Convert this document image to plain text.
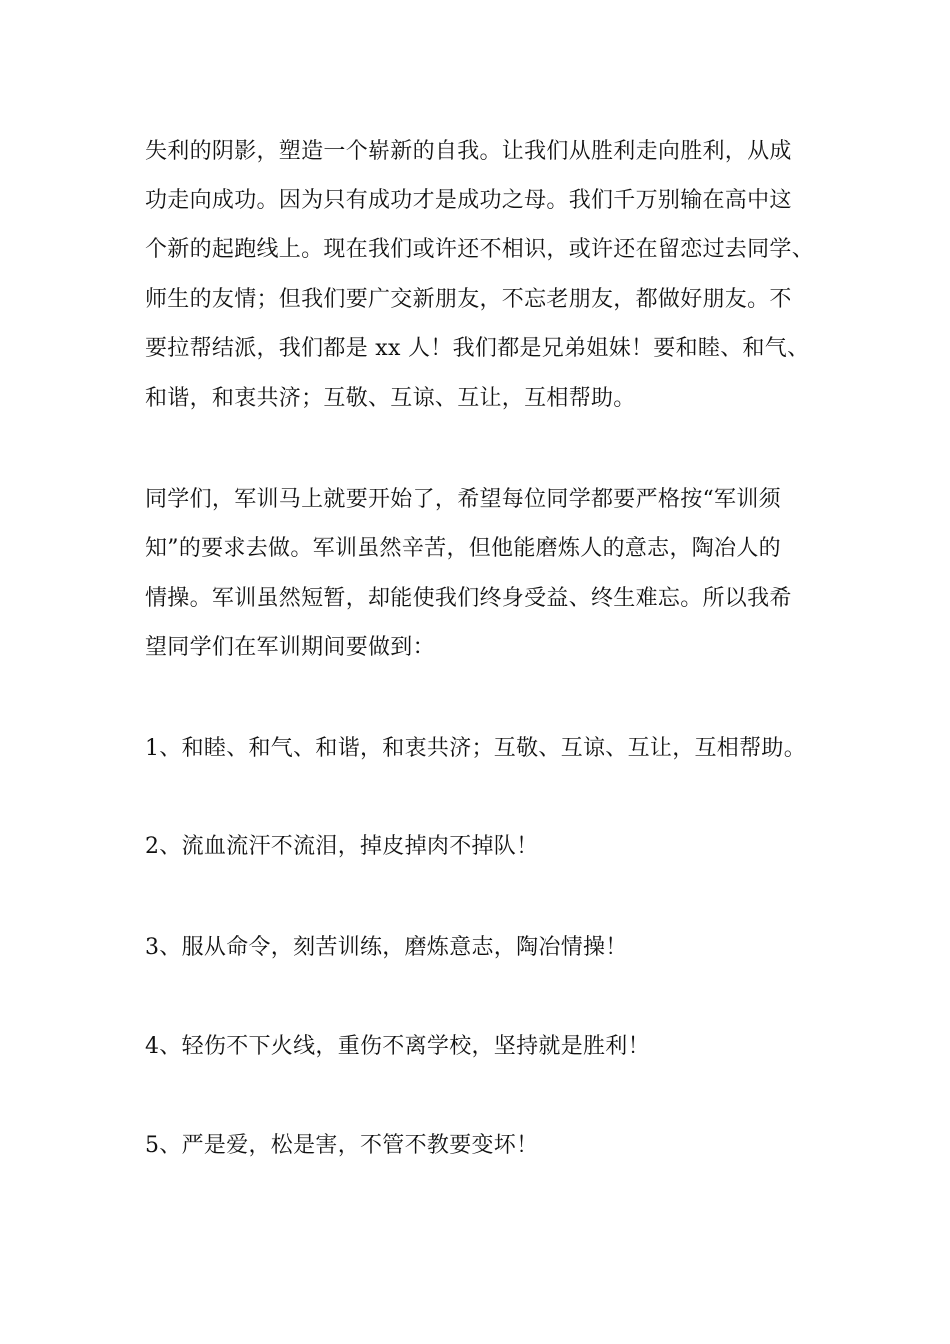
失利的阴影，塑造一个崭新的自我。让我们从胜利走向胜利，从成
功走向成功。因为只有成功才是成功之母。我们千万别输在高中这
个新的起跑线上。现在我们或许还不相识，或许还在留恋过去同学、
师生的友情；但我们要广交新朋友，不忘老朋友，都做好朋友。不
要拉帮结派，我们都是 xx 人！我们都是兄弟姐妹！要和睦、和气、
和谐，和衷共济；互敬、互谅、互让，互相帮助。
同学们，军训马上就要开始了，希望每位同学都要严格按“军训须
知”的要求去做。军训虽然辛苦，但他能磨炼人的意志，陶冶人的
情操。军训虽然短暂，却能使我们终身受益、终生难忘。所以我希
望同学们在军训期间要做到：
1、和睦、和气、和谐，和衷共济；互敬、互谅、互让，互相帮助。
2、流血流汗不流泪，掉皮掉肉不掉队！
3、服从命令，刻苦训练，磨炼意志，陶冶情操！
4、轻伤不下火线，重伤不离学校，坚持就是胜利！
5、严是爱，松是害，不管不教要变坏！
